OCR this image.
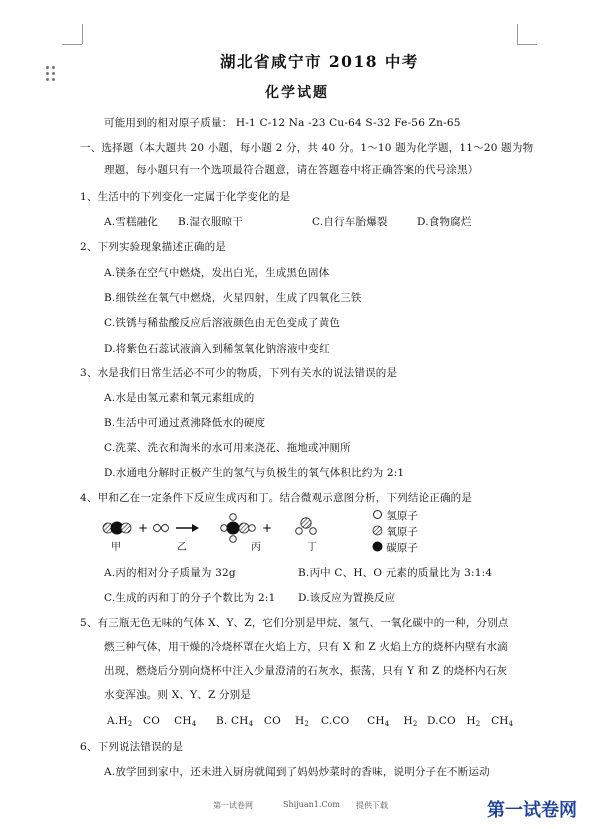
湖北省咸宁市 2018 中考
化学试题
可能用到的相对原子质量： H-1 C-12 Na -23 Cu-64 S-32 Fe-56 Zn-65
一、选择题（本大题共 20 小题，每小题 2 分，共 40 分。1～10 题为化学题，11～20 题为物
理题，每小题只有一个选项最符合题意，请在答题卷中将正确答案的代号涂黑）
1、生活中的下列变化一定属于化学变化的是
A.雪糕融化 B.湿衣服晾干	C.自行车胎爆裂	D.食物腐烂
2、下列实验现象描述正确的是
A.镁条在空气中燃烧，发出白光，生成黑色固体
B.细铁丝在氧气中燃烧，火星四射，生成了四氧化三铁
C.铁锈与稀盐酸反应后溶液颜色由无色变成了黄色
D.将紫色石蕊试液滴入到稀氢氧化钠溶液中变红
3、水是我们日常生活必不可少的物质，下列有关水的说法错误的是
A.水是由氢元素和氧元素组成的
B.生活中可通过煮沸降低水的硬度
C.洗菜、洗衣和淘米的水可用来浇花、拖地或冲厕所
D.水通电分解时正极产生的氢气与负极生的氧气体积比约为 2:1
4、甲和乙在一定条件下反应生成丙和丁。结合微观示意图分析，下列结论正确的是
+	+
甲	乙	丙	丁
氢原子
氧原子
碳原子
A.丙的相对分子质量为 32g	B.丙中 C、H、O 元素的质量比为 3:1:4
C.生成的丙和丁的分子个数比为 2:1 D.该反应为置换反应
5、有三瓶无色无味的气体 X、Y、Z，它们分别是甲烷、氢气、一氧化碳中的一种，分别点
燃三种气体，用干燥的冷烧杯罩在火焰上方，只有 X 和 Z 火焰上方的烧杯内壁有水滴
出现，燃烧后分别向烧杯中注入少量澄清的石灰水，振荡，只有 Y 和 Z 的烧杯内石灰
水变浑浊。则 X、Y、Z 分别是
$A.H_2$   CO    $CH_4$ B. $CH_4$   CO    $H_2$ C.CO     $CH_4$    $H_2$ D.CO   $H_2$   $CH_4$
6、下列说法错误的是
A.放学回到家中，还未进入厨房就闻到了妈妈炒菜时的香味，说明分子在不断运动
第一试卷网	Shijuan1.Com 提供下载	第一试卷网
